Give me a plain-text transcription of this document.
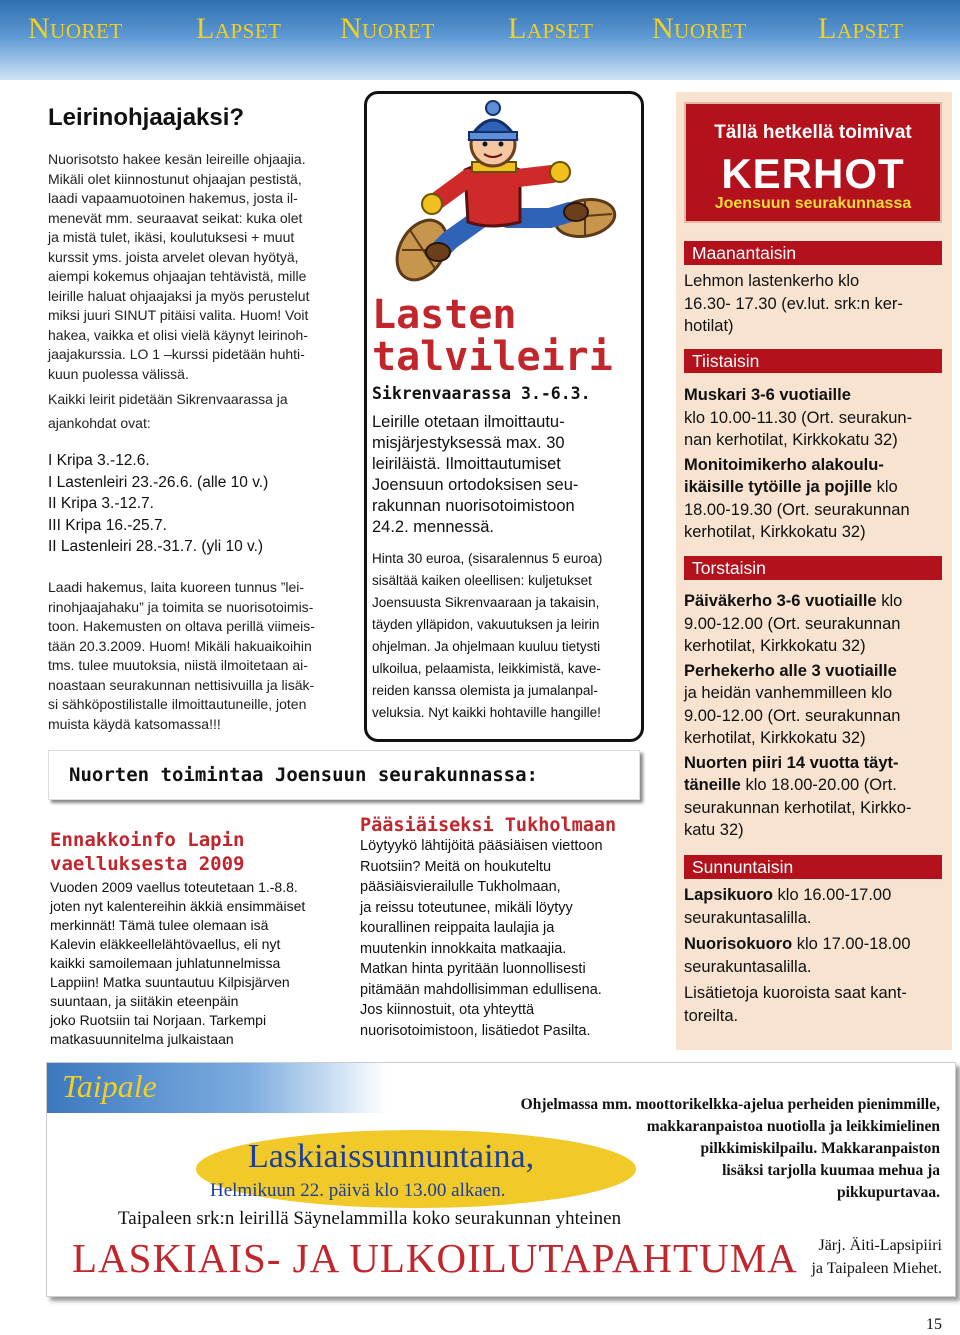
Nuoret Lapset Nuoret Lapset Nuoret Lapset
Leirinohjaajaksi?

Nuorisotsto hakee kesän leireille ohjaajia.

Mikäli olet kiinnostunut ohjaajan pestistä,

laadi vapaamuotoinen hakemus, josta il-

menevät mm. seuraavat seikat: kuka olet

ja mistä tulet, ikäsi, koulutuksesi + muut

kurssit yms. joista arvelet olevan hyötyä,

aiempi kokemus ohjaajan tehtävistä, mille

leirille haluat ohjaajaksi ja myös perustelut

miksi juuri SINUT pitäisi valita. Huom! Voit

hakea, vaikka et olisi vielä käynyt leirinoh-

jaajakurssia. LO 1 –kurssi pidetään huhti-

kuun puolessa välissä.

Kaikki leirit pidetään Sikrenvaarassa ja

ajankohdat ovat:

I Kripa 3.-12.6.
I Lastenleiri 23.-26.6. (alle 10 v.)
II Kripa 3.-12.7.
III Kripa 16.-25.7.
II Lastenleiri 28.-31.7. (yli 10 v.)

Laadi hakemus, laita kuoreen tunnus ”lei-

rinohjaajahaku” ja toimita se nuorisotoimis-

toon. Hakemusten on oltava perillä viimeis-

tään 20.3.2009. Huom! Mikäli hakuaikoihin

tms. tulee muutoksia, niistä ilmoitetaan ai-

noastaan seurakunnan nettisivuilla ja lisäk-

si sähköpostilistalle ilmoittautuneille, joten

muista käydä katsomassa!!!

Lasten
talvileiri
Sikrenvaarassa 3.-6.3.
Leirille otetaan ilmoittautu-
misjärjestyksessä max. 30
leiriläistä. Ilmoittautumiset
Joensuun ortodoksisen seu-
rakunnan nuorisotoimistoon
24.2. mennessä.
Hinta 30 euroa, (sisaralennus 5 euroa)
sisältää kaiken oleellisen: kuljetukset
Joensuusta Sikrenvaaraan ja takaisin,
täyden ylläpidon, vakuutuksen ja leirin
ohjelman. Ja ohjelmaan kuuluu tietysti
ulkoilua, pelaamista, leikkimistä, kave-
reiden kanssa olemista ja jumalanpal-
veluksia. Nyt kaikki hohtaville hangille!
Tällä hetkellä toimivat
KERHOT
Joensuun seurakunnassa
Maanantaisin
Lehmon lastenkerho klo
16.30- 17.30 (ev.lut. srk:n ker-
hotilat)
Tiistaisin
Muskari 3-6 vuotiaille
klo 10.00-11.30 (Ort. seurakun-
nan kerhotilat, Kirkkokatu 32)
Monitoimikerho alakoulu-
ikäisille tytöille ja pojille klo
18.00-19.30 (Ort. seurakunnan
kerhotilat, Kirkkokatu 32)
Torstaisin
Päiväkerho 3-6 vuotiaille klo
9.00-12.00 (Ort. seurakunnan
kerhotilat, Kirkkokatu 32)
Perhekerho alle 3 vuotiaille
ja heidän vanhemmilleen klo
9.00-12.00 (Ort. seurakunnan
kerhotilat, Kirkkokatu 32)
Nuorten piiri 14 vuotta täyt-
täneille klo 18.00-20.00 (Ort.
seurakunnan kerhotilat, Kirkko-
katu 32)
Sunnuntaisin
Lapsikuoro klo 16.00-17.00
seurakuntasalilla.
Nuorisokuoro klo 17.00-18.00
seurakuntasalilla.
Lisätietoja kuoroista saat kant-
toreilta.
Nuorten toimintaa Joensuun seurakunnassa:
Ennakkoinfo Lapin
vaelluksesta 2009
Vuoden 2009 vaellus toteutetaan 1.-8.8.
joten nyt kalentereihin äkkiä ensimmäiset
merkinnät! Tämä tulee olemaan isä
Kalevin eläkkeellelähtövaellus, eli nyt
kaikki samoilemaan juhlatunnelmissa
Lappiin! Matka suuntautuu Kilpisjärven
suuntaan, ja siitäkin eteenpäin
joko Ruotsiin tai Norjaan. Tarkempi
matkasuunnitelma julkaistaan
Pääsiäiseksi Tukholmaan
Löytyykö lähtijöitä pääsiäisen viettoon
Ruotsiin? Meitä on houkuteltu
pääsiäisvierailulle Tukholmaan,
ja reissu toteutunee, mikäli löytyy
kourallinen reippaita laulajia ja
muutenkin innokkaita matkaajia.
Matkan hinta pyritään luonnollisesti
pitämään mahdollisimman edullisena.
Jos kiinnostuit, ota yhteyttä
nuorisotoimistoon, lisätiedot Pasilta.
Taipale
Ohjelmassa mm. moottorikelkka-ajelua perheiden pienimmille,
makkaranpaistoa nuotiolla ja leikkimielinen
pilkkimiskilpailu. Makkaranpaiston
lisäksi tarjolla kuumaa mehua ja
pikkupurtavaa.
Laskiaissunnuntaina,
Helmikuun 22. päivä klo 13.00 alkaen.
Taipaleen srk:n leirillä Säynelammilla koko seurakunnan yhteinen
LASKIAIS- JA ULKOILUTAPAHTUMA	Järj. Äiti-Lapsipiiri
ja Taipaleen Miehet.
15
